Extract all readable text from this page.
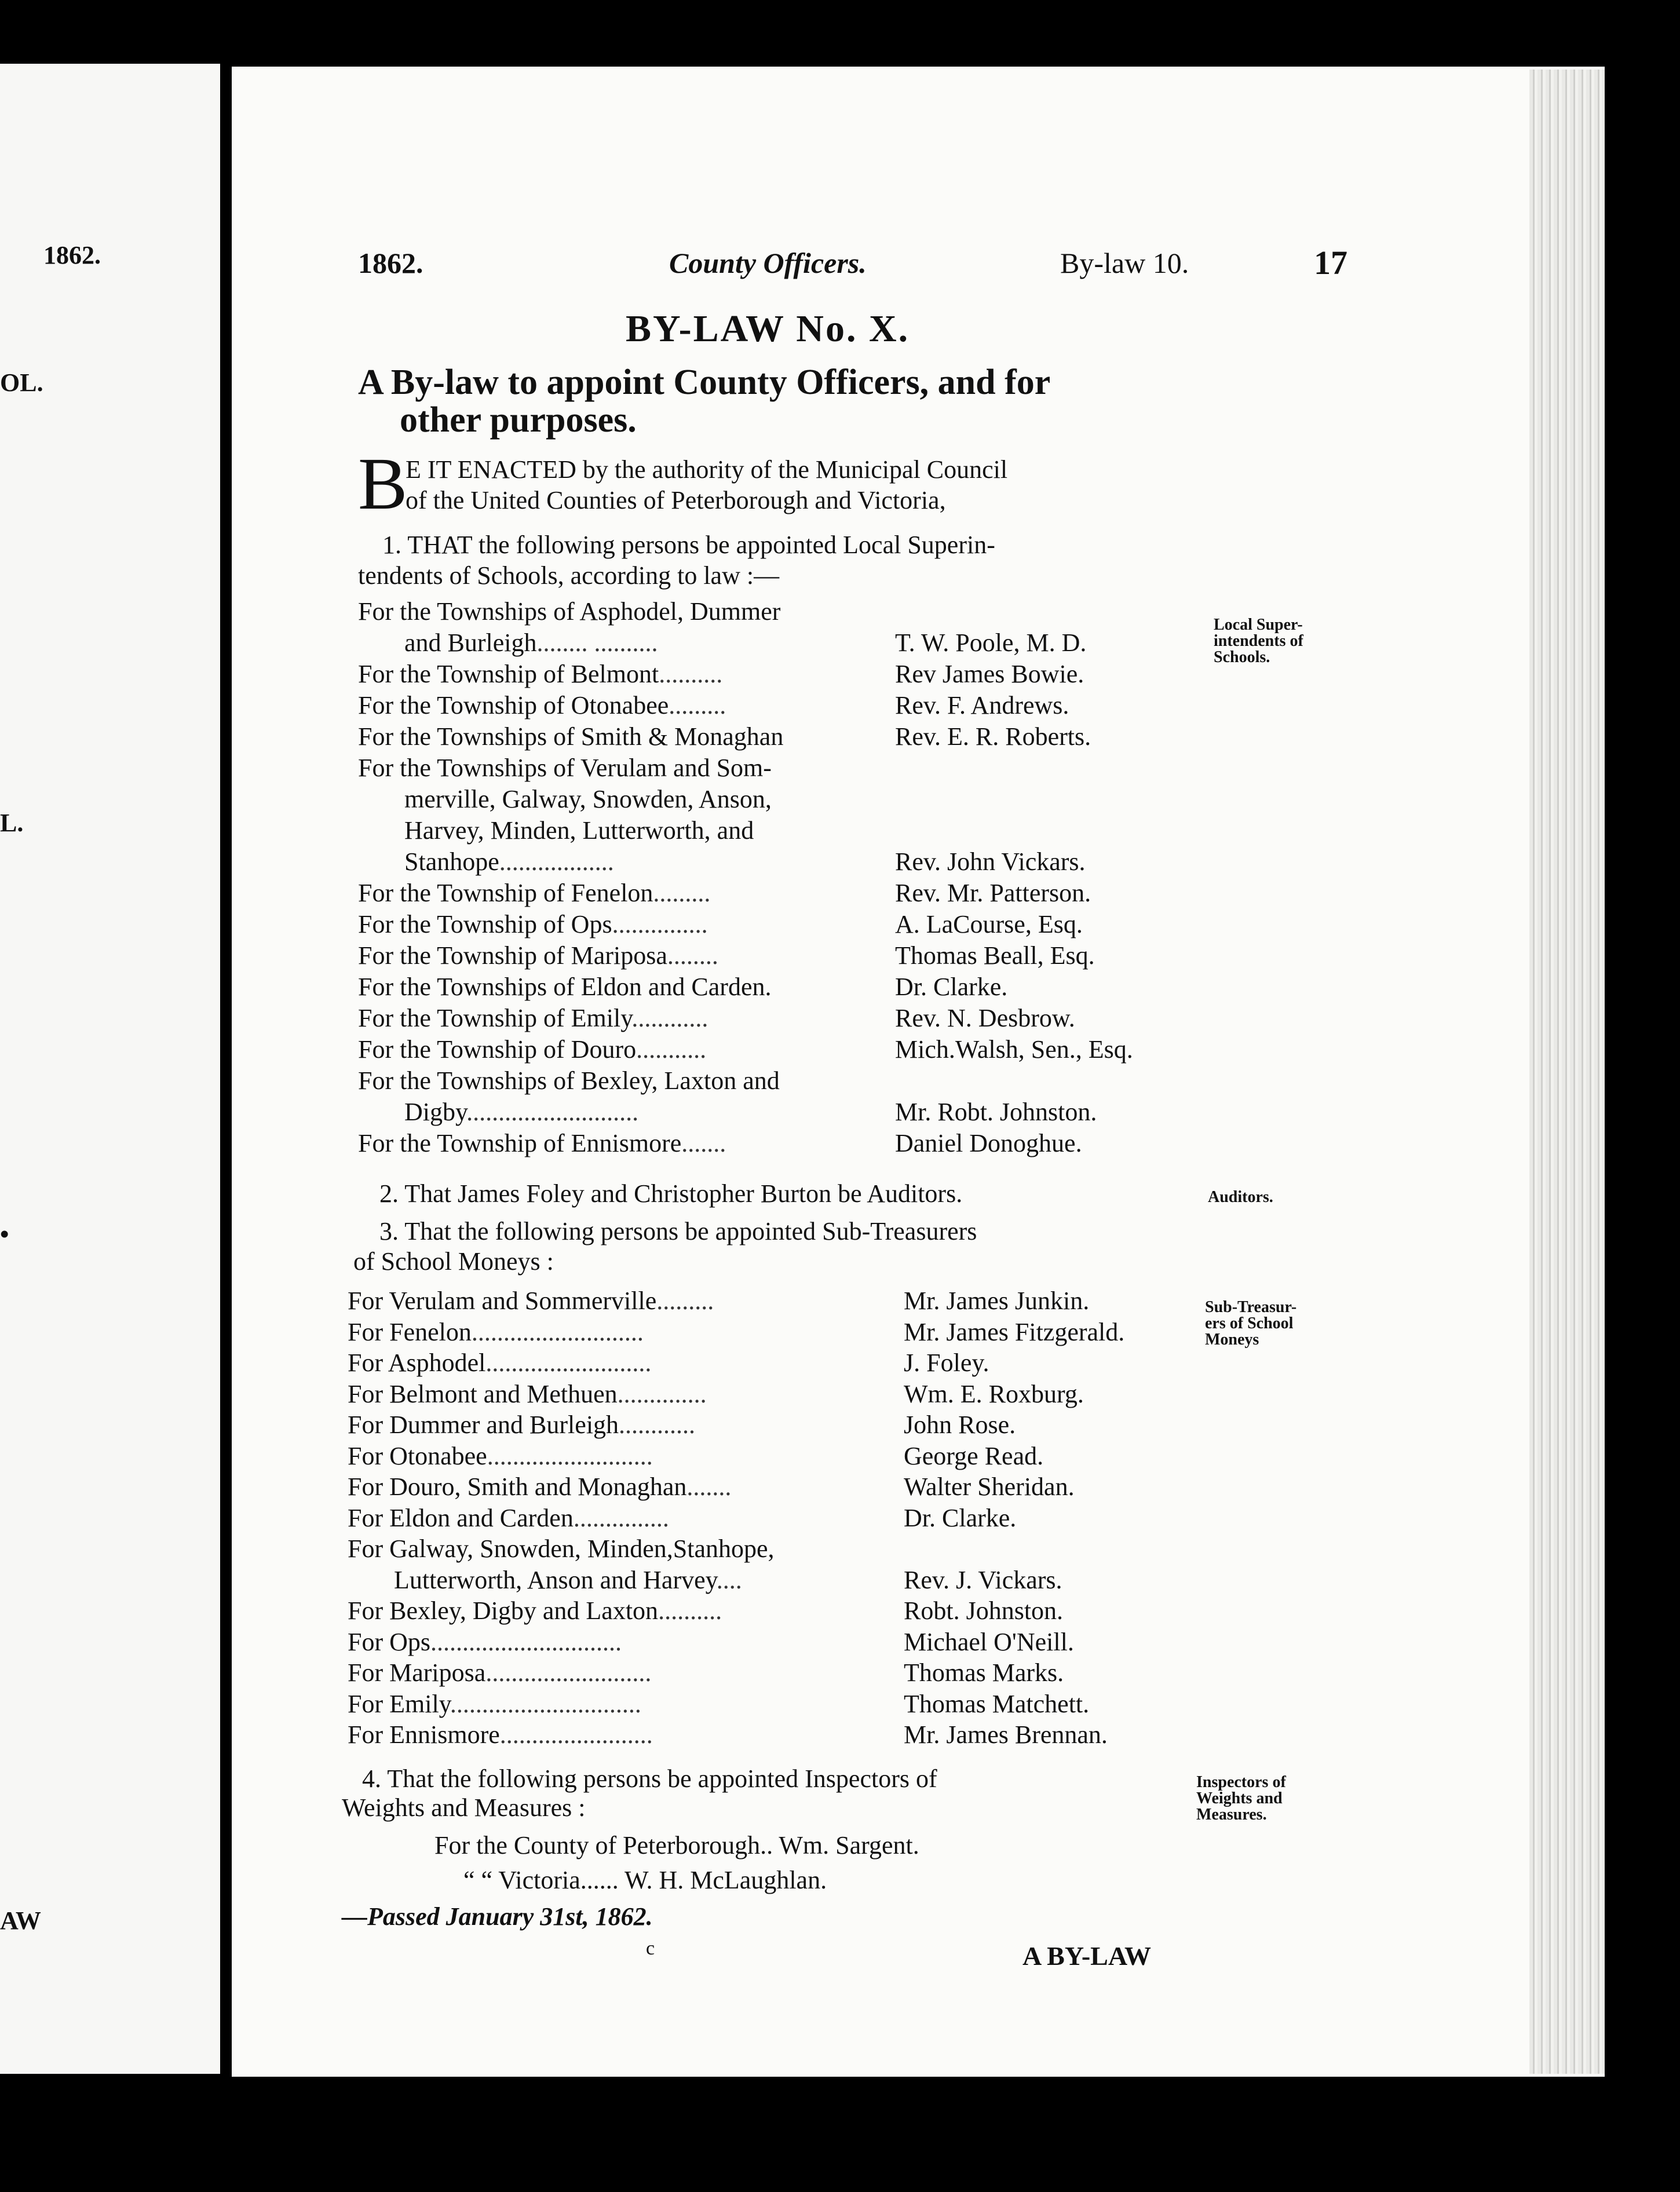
1862.
OL.
L.
•
AW
1862.	County Officers.	By-law 10.	17
BY-LAW No. X.
A By-law to appoint County Officers, and for
other purposes.
B
E IT ENACTED by the authority of the Municipal Council
of the United Counties of Peterborough and Victoria,
1. THAT the following persons be appointed Local Superin-
tendents of Schools, according to law :—
For the Townships of Asphodel, Dummer
and Burleigh........ ..........	T. W. Poole, M. D.
For the Township of Belmont..........	Rev James Bowie.
For the Township of Otonabee.........	Rev. F. Andrews.
For the Townships of Smith & Monaghan	Rev. E. R. Roberts.
For the Townships of Verulam and Som-
merville, Galway, Snowden, Anson,
Harvey, Minden, Lutterworth, and
Stanhope..................	Rev. John Vickars.
For the Township of Fenelon.........	Rev. Mr. Patterson.
For the Township of Ops...............	A. LaCourse, Esq.
For the Township of Mariposa........	Thomas Beall, Esq.
For the Townships of Eldon and Carden.	Dr. Clarke.
For the Township of Emily............	Rev. N. Desbrow.
For the Township of Douro...........	Mich.Walsh, Sen., Esq.
For the Townships of Bexley, Laxton and
Digby...........................	Mr. Robt. Johnston.
For the Township of Ennismore.......	Daniel Donoghue.
2. That James Foley and Christopher Burton be Auditors.
3. That the following persons be appointed Sub-Treasurers
of School Moneys :
For Verulam and Sommerville.........	Mr. James Junkin.
For Fenelon...........................	Mr. James Fitzgerald.
For Asphodel..........................	J. Foley.
For Belmont and Methuen..............	Wm. E. Roxburg.
For Dummer and Burleigh............	John Rose.
For Otonabee..........................	George Read.
For Douro, Smith and Monaghan.......	Walter Sheridan.
For Eldon and Carden...............	Dr. Clarke.
For Galway, Snowden, Minden,Stanhope,
Lutterworth, Anson and Harvey....	Rev. J. Vickars.
For Bexley, Digby and Laxton..........	Robt. Johnston.
For Ops..............................	Michael O'Neill.
For Mariposa..........................	Thomas Marks.
For Emily..............................	Thomas Matchett.
For Ennismore........................	Mr. James Brennan.
4. That the following persons be appointed Inspectors of
Weights and Measures :
For the County of Peterborough.. Wm. Sargent.
“ “ Victoria...... W. H. McLaughlan.
—Passed January 31st, 1862.
c	A BY-LAW
Local Super-
intendents of
Schools.
Auditors.
Sub-Treasur-
ers of School
Moneys
Inspectors of
Weights and
Measures.
